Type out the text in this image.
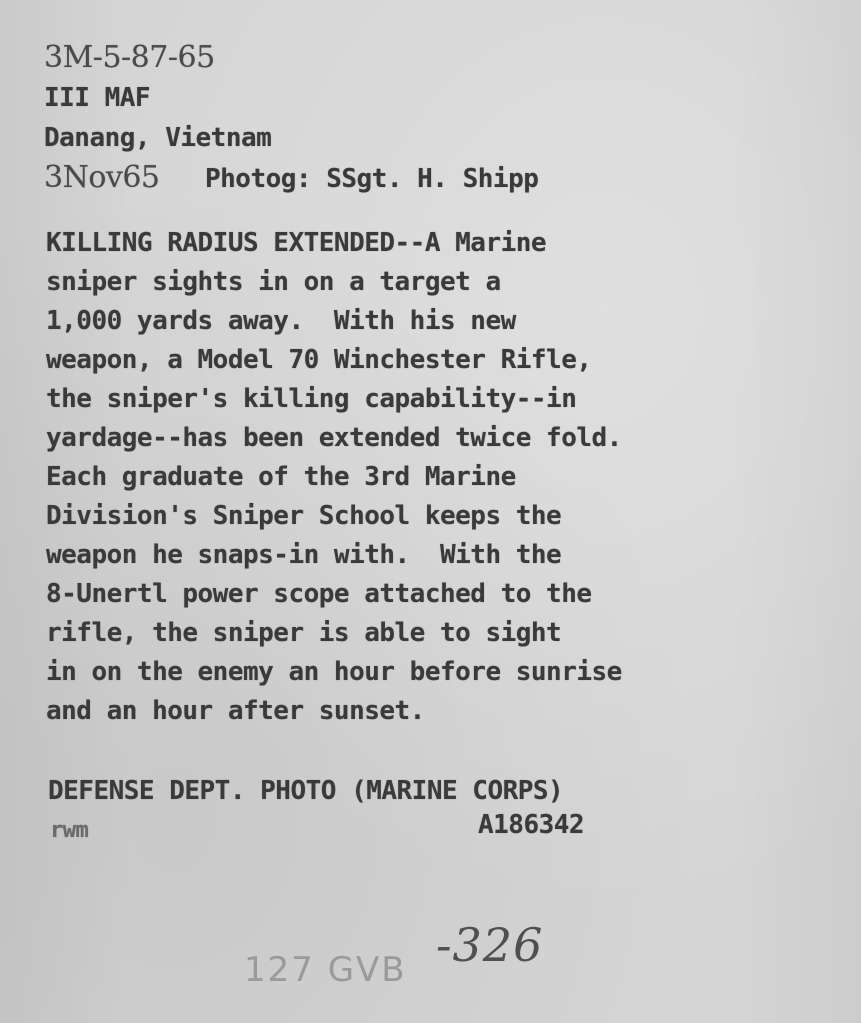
3M-5-87-65
III MAF
Danang, Vietnam
3Nov65 Photog: SSgt. H. Shipp
KILLING RADIUS EXTENDED--A Marine
sniper sights in on a target a
1,000 yards away.  With his new
weapon, a Model 70 Winchester Rifle,
the sniper's killing capability--in
yardage--has been extended twice fold.
Each graduate of the 3rd Marine
Division's Sniper School keeps the
weapon he snaps-in with.  With the
8-Unertl power scope attached to the
rifle, the sniper is able to sight
in on the enemy an hour before sunrise
and an hour after sunset.
DEFENSE DEPT. PHOTO (MARINE CORPS)
rwm	A186342
127 GVB -326
